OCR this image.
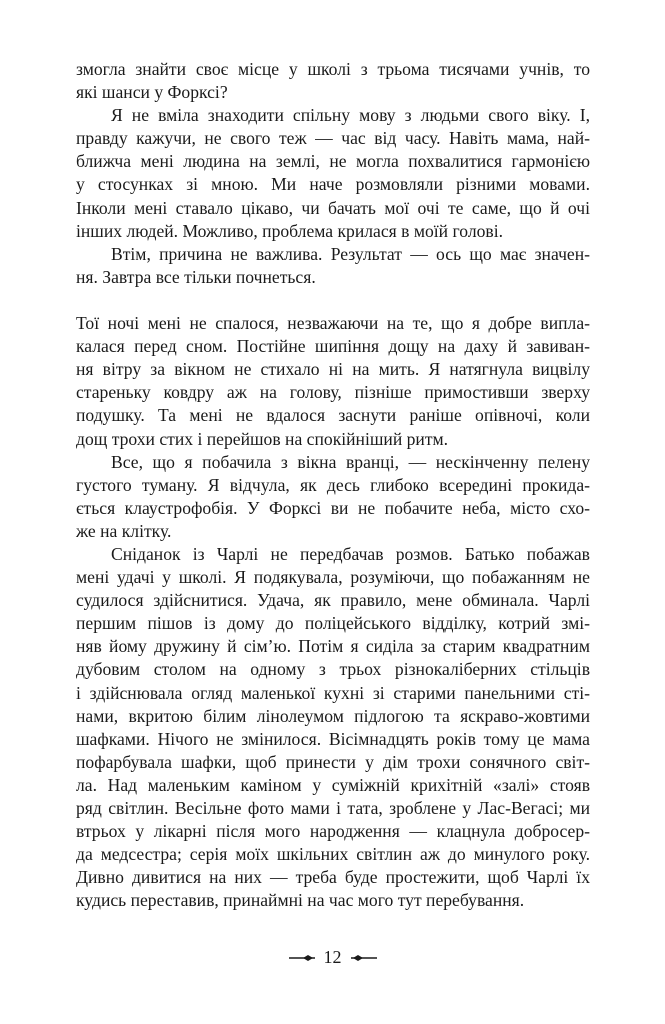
змогла знайти своє місце у школі з трьома тисячами учнів, то
які шанси у Форксі?
Я не вміла знаходити спільну мову з людьми свого віку. І,
правду кажучи, не свого теж — час від часу. Навіть мама, най-
ближча мені людина на землі, не могла похвалитися гармонією
у стосунках зі мною. Ми наче розмовляли різними мовами.
Інколи мені ставало цікаво, чи бачать мої очі те саме, що й очі
інших людей. Можливо, проблема крилася в моїй голові.
Втім, причина не важлива. Результат — ось що має значен-
ня. Завтра все тільки почнеться.
Тої ночі мені не спалося, незважаючи на те, що я добре випла-
калася перед сном. Постійне шипіння дощу на даху й завиван-
ня вітру за вікном не стихало ні на мить. Я натягнула вицвілу
стареньку ковдру аж на голову, пізніше примостивши зверху
подушку. Та мені не вдалося заснути раніше опівночі, коли
дощ трохи стих і перейшов на спокійніший ритм.
Все, що я побачила з вікна вранці, — нескінченну пелену
густого туману. Я відчула, як десь глибоко всередині прокида-
ється клаустрофобія. У Форксі ви не побачите неба, місто схо-
же на клітку.
Сніданок із Чарлі не передбачав розмов. Батько побажав
мені удачі у школі. Я подякувала, розуміючи, що побажанням не
судилося здійснитися. Удача, як правило, мене обминала. Чарлі
першим пішов із дому до поліцейського відділку, котрий змі-
няв йому дружину й сім’ю. Потім я сиділа за старим квадратним
дубовим столом на одному з трьох різнокаліберних стільців
і здійснювала огляд маленької кухні зі старими панельними сті-
нами, вкритою білим лінолеумом підлогою та яскраво-жовтими
шафками. Нічого не змінилося. Вісімнадцять років тому це мама
пофарбувала шафки, щоб принести у дім трохи сонячного світ-
ла. Над маленьким каміном у суміжній крихітній «залі» стояв
ряд світлин. Весільне фото мами і тата, зроблене у Лас-Вегасі; ми
втрьох у лікарні після мого народження — клацнула добросер-
да медсестра; серія моїх шкільних світлин аж до минулого року.
Дивно дивитися на них — треба буде простежити, щоб Чарлі їх
кудись переставив, принаймні на час мого тут перебування.
12
